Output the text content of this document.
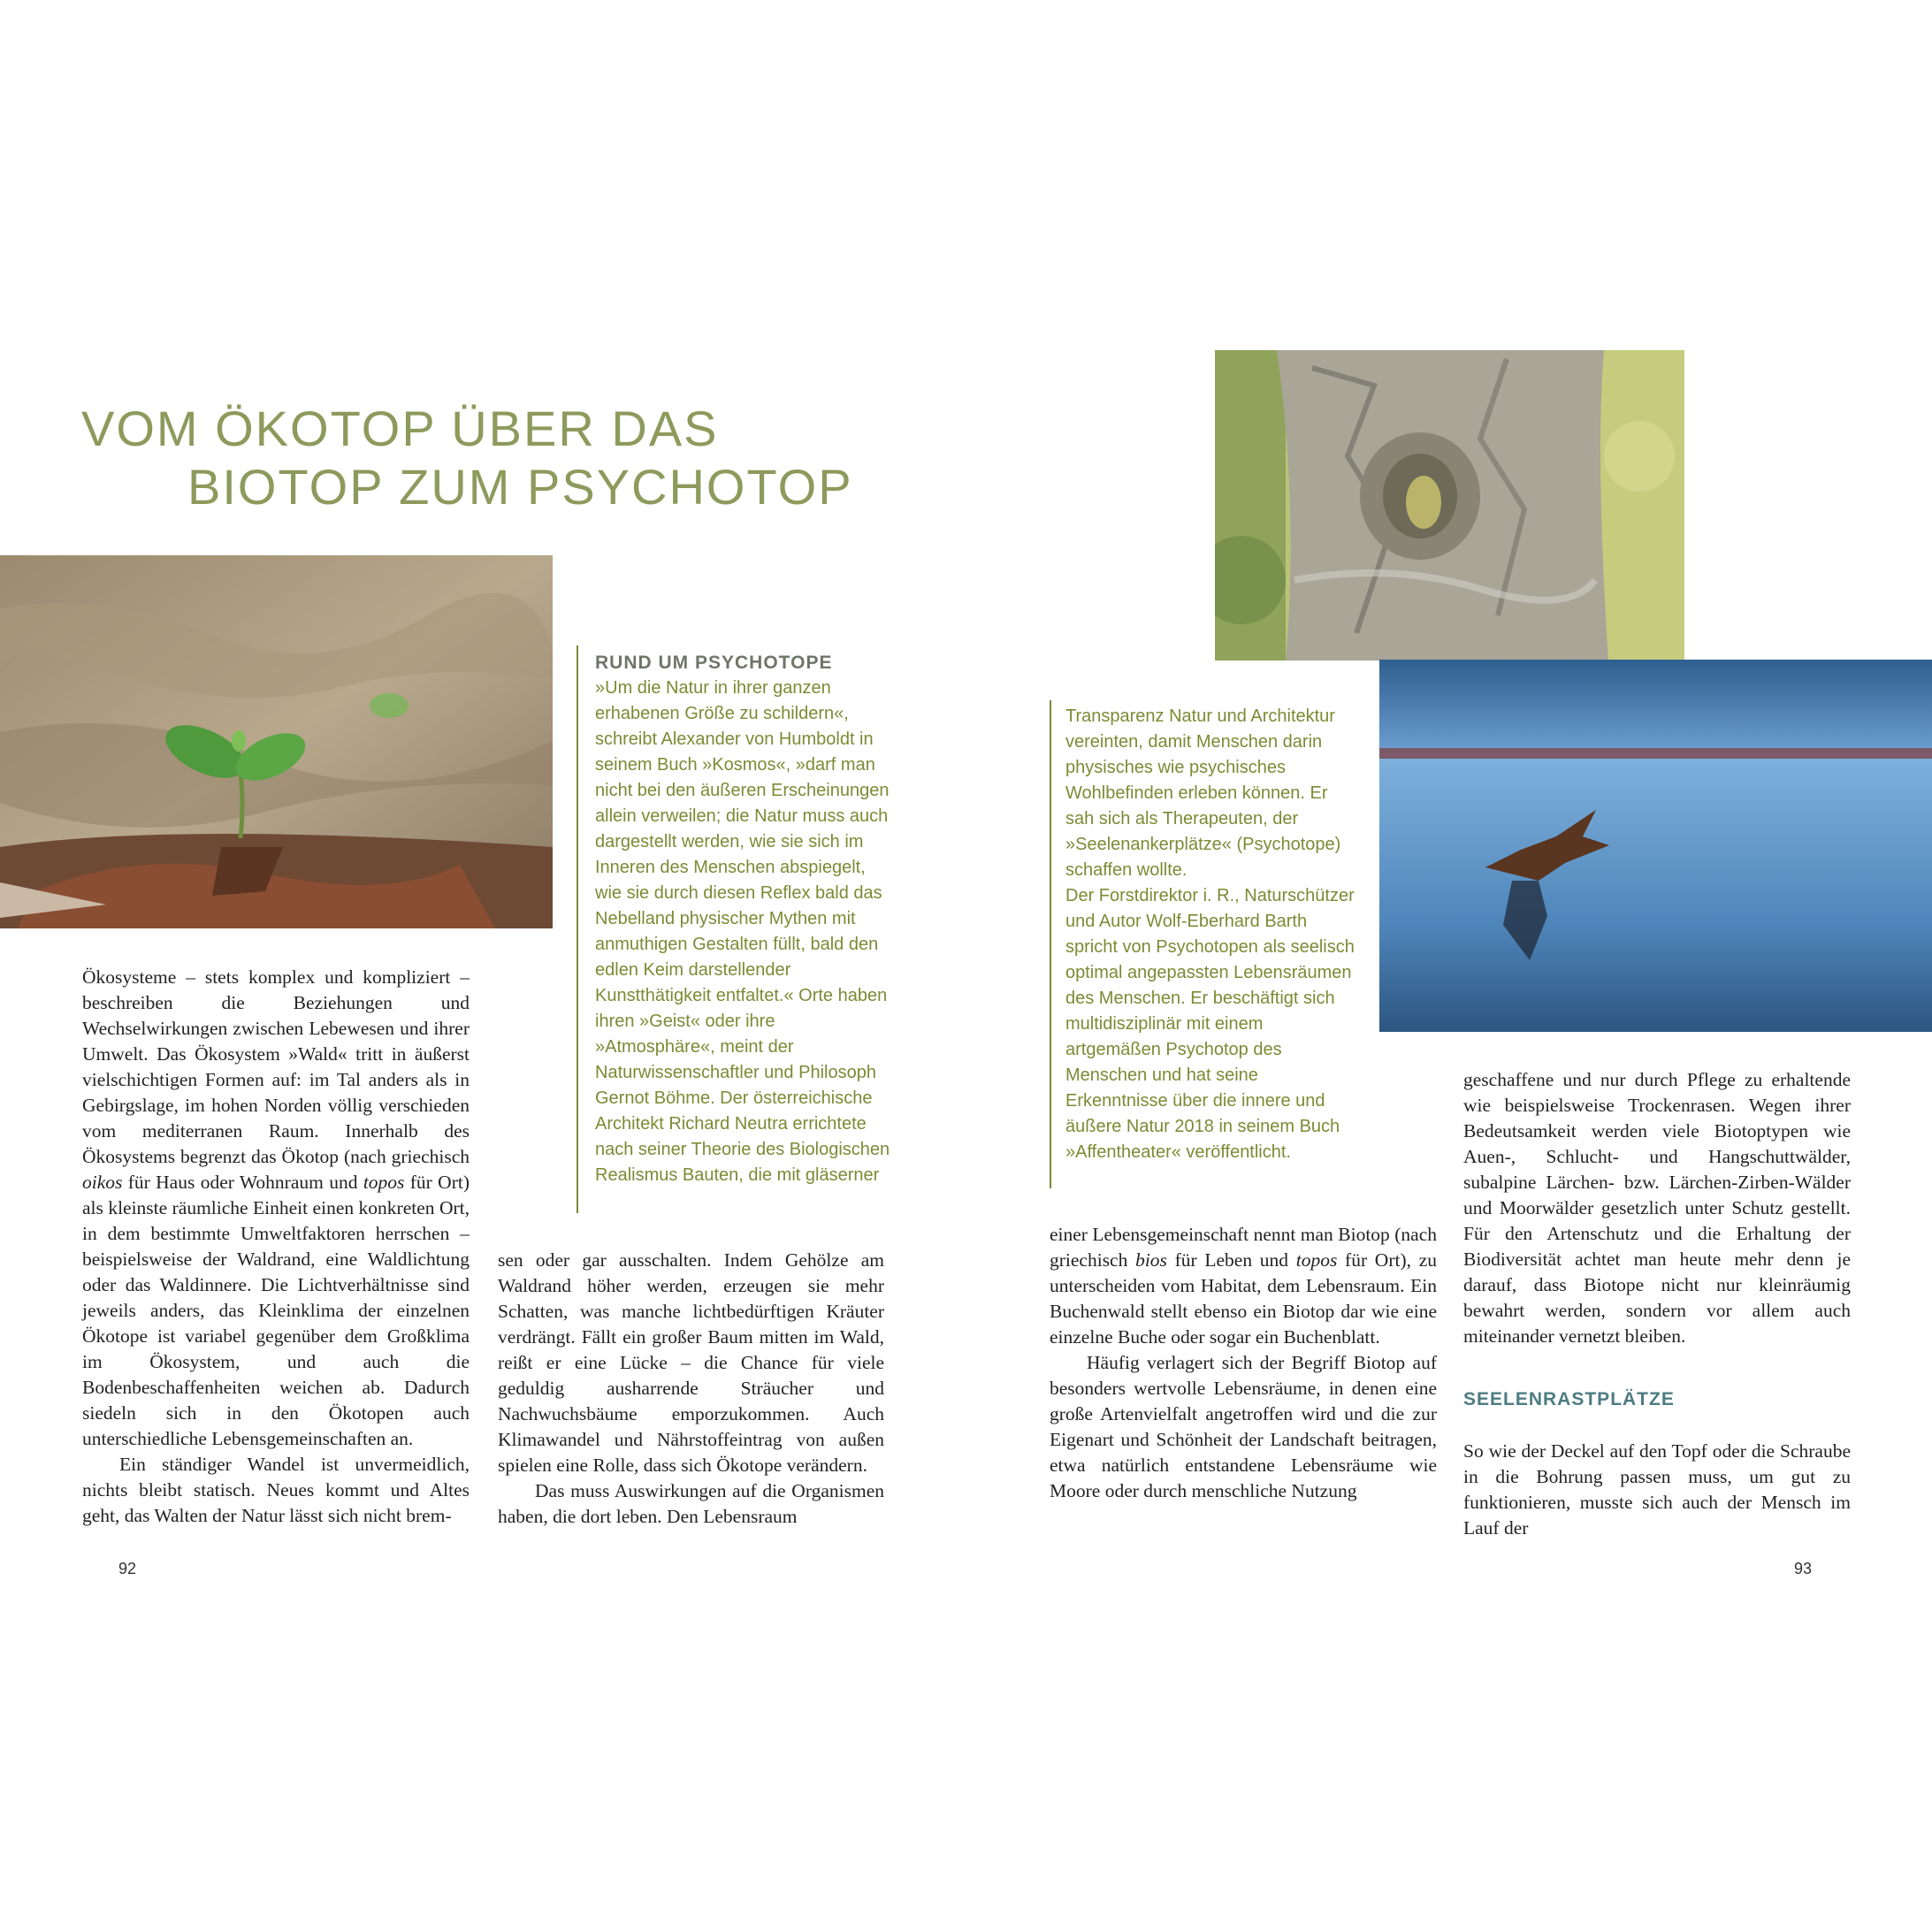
VOM ÖKOTOP ÜBER DAS
BIOTOP ZUM PSYCHOTOP

Ökosysteme – stets komplex und kompliziert – beschreiben die Beziehungen und Wechselwirkungen zwischen Lebewesen und ihrer Umwelt. Das Ökosystem »Wald« tritt in äußerst vielschichtigen Formen auf: im Tal anders als in Gebirgslage, im hohen Norden völlig verschieden vom mediterranen Raum. Innerhalb des Ökosystems begrenzt das Ökotop (nach griechisch oikos für Haus oder Wohnraum und topos für Ort) als kleinste räumliche Einheit einen konkreten Ort, in dem bestimmte Umweltfaktoren herrschen – beispielsweise der Waldrand, eine Waldlichtung oder das Waldinnere. Die Lichtverhältnisse sind jeweils anders, das Kleinklima der einzelnen Ökotope ist variabel gegenüber dem Großklima im Ökosystem, und auch die Bodenbeschaffenheiten weichen ab. Dadurch siedeln sich in den Ökotopen auch unterschiedliche Lebensgemeinschaften an.

Ein ständiger Wandel ist unvermeidlich, nichts bleibt statisch. Neues kommt und Altes geht, das Walten der Natur lässt sich nicht brem-

RUND UM PSYCHOTOPE
»Um die Natur in ihrer ganzen erhabenen Größe zu schildern«, schreibt Alexander von Humboldt in seinem Buch »Kosmos«, »darf man nicht bei den äußeren Erscheinungen allein verweilen; die Natur muss auch dargestellt werden, wie sie sich im Inneren des Menschen abspiegelt, wie sie durch diesen Reflex bald das Nebelland physischer Mythen mit anmuthigen Gestalten füllt, bald den edlen Keim darstellender Kunstthätigkeit entfaltet.« Orte haben ihren »Geist« oder ihre »Atmosphäre«, meint der Naturwissenschaftler und Philosoph Gernot Böhme. Der österreichische Architekt Richard Neutra errichtete nach seiner Theorie des Biologischen Realismus Bauten, die mit gläserner

sen oder gar ausschalten. Indem Gehölze am Waldrand höher werden, erzeugen sie mehr Schatten, was manche lichtbedürftigen Kräuter verdrängt. Fällt ein großer Baum mitten im Wald, reißt er eine Lücke – die Chance für viele geduldig ausharrende Sträucher und Nachwuchsbäume emporzukommen. Auch Klimawandel und Nährstoffeintrag von außen spielen eine Rolle, dass sich Ökotope verändern.

Das muss Auswirkungen auf die Organismen haben, die dort leben. Den Lebensraum

92

Transparenz Natur und Architektur vereinten, damit Menschen darin physisches wie psychisches Wohlbefinden erleben können. Er sah sich als Therapeuten, der »Seelenankerplätze« (Psychotope) schaffen wollte.

Der Forstdirektor i. R., Naturschützer und Autor Wolf-Eberhard Barth spricht von Psychotopen als seelisch optimal angepassten Lebensräumen des Menschen. Er beschäftigt sich multidisziplinär mit einem artgemäßen Psychotop des Menschen und hat seine Erkenntnisse über die innere und äußere Natur 2018 in seinem Buch »Affentheater« veröffentlicht.

einer Lebensgemeinschaft nennt man Biotop (nach griechisch bios für Leben und topos für Ort), zu unterscheiden vom Habitat, dem Lebensraum. Ein Buchenwald stellt ebenso ein Biotop dar wie eine einzelne Buche oder sogar ein Buchenblatt.

Häufig verlagert sich der Begriff Biotop auf besonders wertvolle Lebensräume, in denen eine große Artenvielfalt angetroffen wird und die zur Eigenart und Schönheit der Landschaft beitragen, etwa natürlich entstandene Lebensräume wie Moore oder durch menschliche Nutzung

geschaffene und nur durch Pflege zu erhaltende wie beispielsweise Trockenrasen. Wegen ihrer Bedeutsamkeit werden viele Biotoptypen wie Auen-, Schlucht- und Hangschuttwälder, subalpine Lärchen- bzw. Lärchen-Zirben-Wälder und Moorwälder gesetzlich unter Schutz gestellt. Für den Artenschutz und die Erhaltung der Biodiversität achtet man heute mehr denn je darauf, dass Biotope nicht nur kleinräumig bewahrt werden, sondern vor allem auch miteinander vernetzt bleiben.

SEELENRASTPLÄTZE

So wie der Deckel auf den Topf oder die Schraube in die Bohrung passen muss, um gut zu funktionieren, musste sich auch der Mensch im Lauf der

93
